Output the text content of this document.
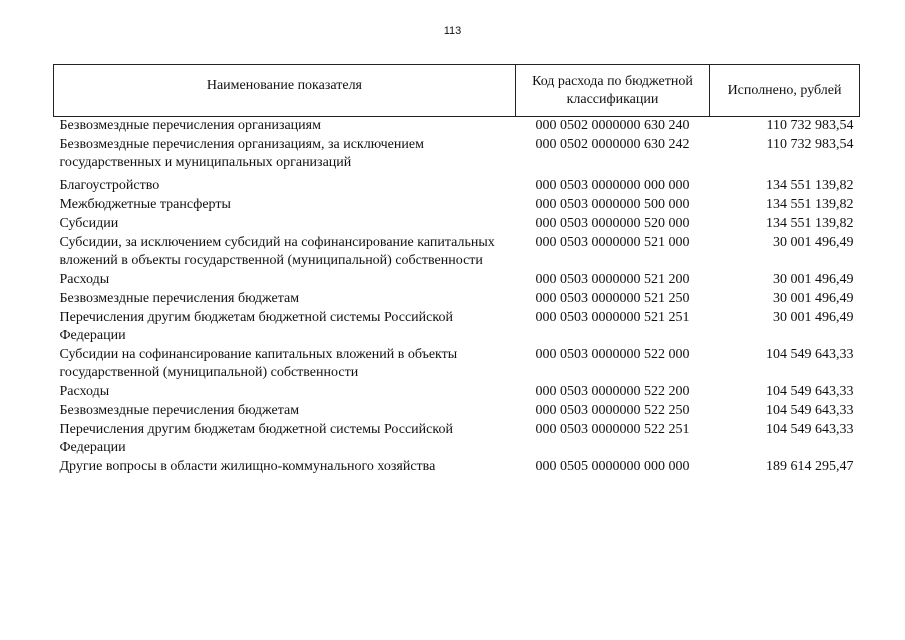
113
Наименование показателя	Код расхода по бюджетной классификации	Исполнено, рублей
Безвозмездные перечисления организациям	000 0502 0000000 630 240	110 732 983,54
Безвозмездные перечисления организациям, за исключением государственных и муниципальных организаций	000 0502 0000000 630 242	110 732 983,54
Благоустройство	000 0503 0000000 000 000	134 551 139,82
Межбюджетные трансферты	000 0503 0000000 500 000	134 551 139,82
Субсидии	000 0503 0000000 520 000	134 551 139,82
Субсидии, за исключением субсидий на софинансирование капитальных вложений в объекты государственной (муниципальной) собственности	000 0503 0000000 521 000	30 001 496,49
Расходы	000 0503 0000000 521 200	30 001 496,49
Безвозмездные перечисления бюджетам	000 0503 0000000 521 250	30 001 496,49
Перечисления другим бюджетам бюджетной системы Российской Федерации	000 0503 0000000 521 251	30 001 496,49
Субсидии на софинансирование капитальных вложений в объекты государственной (муниципальной) собственности	000 0503 0000000 522 000	104 549 643,33
Расходы	000 0503 0000000 522 200	104 549 643,33
Безвозмездные перечисления бюджетам	000 0503 0000000 522 250	104 549 643,33
Перечисления другим бюджетам бюджетной системы Российской Федерации	000 0503 0000000 522 251	104 549 643,33
Другие вопросы в области жилищно-коммунального хозяйства	000 0505 0000000 000 000	189 614 295,47
